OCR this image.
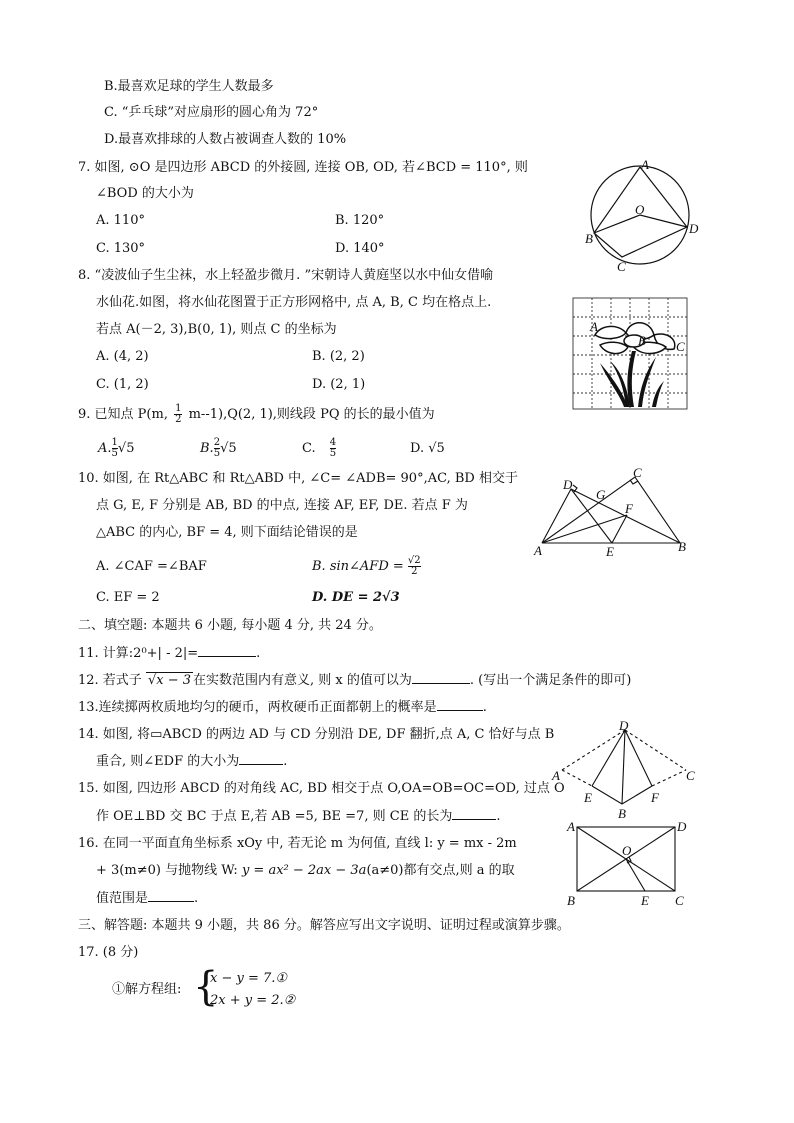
B.最喜欢足球的学生人数最多
C. “乒乓球”对应扇形的圆心角为 72°
D.最喜欢排球的人数占被调查人数的 10%
7. 如图, ⊙O 是四边形 ABCD 的外接圆, 连接 OB, OD, 若∠BCD = 110°, 则
∠BOD 的大小为
A. 110°	B. 120°
C. 130°	D. 140°
A
B
C
D
O
8. “凌波仙子生尘袜，水上轻盈步微月. ”宋朝诗人黄庭坚以水中仙女借喻
水仙花.如图，将水仙花图置于正方形网格中, 点 A, B, C 均在格点上.
若点 A(－2, 3),B(0, 1), 则点 C 的坐标为
A. (4, 2)	B. (2, 2)
C. (1, 2)	D. (2, 1)
A
B C
9. 已知点 P(m, $\frac{1}{2} m--1),Q(2$, 1),则线段 PQ 的长的最小值为
A. $\frac{1}{5} √5$	B. $\frac{2}{5} √5$	C. $\frac{4}{5}$	D. √5
10. 如图, 在 Rt△ABC 和 Rt△ABD 中, ∠C= ∠ADB= 90°,AC, BD 相交于
点 G, E, F 分别是 AB, BD 的中点, 连接 AF, EF, DE. 若点 F 为
△ABC 的内心, BF = 4, 则下面结论错误的是
A. ∠CAF =∠BAF	B. sin∠AFD = $\frac{√2}{2}$
C. EF = 2	D. DE = 2√3
A	B
C
D
E
F
G
二、填空题: 本题共 6 小题, 每小题 4 分, 共 24 分。
11. 计算:2⁰+| - 2|=	.
12. 若式子 √x − 3 在实数范围内有意义, 则 x 的值可以为	. (写出一个满足条件的即可)
13.连续掷两枚质地均匀的硬币，两枚硬币正面都朝上的概率是	.
14. 如图, 将▭ABCD 的两边 AD 与 CD 分别沿 DE, DF 翻折,点 A, C 恰好与点 B
重合, 则∠EDF 的大小为	.
D
A	C
E	F
B
15. 如图, 四边形 ABCD 的对角线 AC, BD 相交于点 O,OA=OB=OC=OD, 过点 O
作 OE⊥BD 交 BC 于点 E,若 AB =5, BE =7, 则 CE 的长为	.
A	D
B	C
E
O
16. 在同一平面直角坐标系 xOy 中, 若无论 m 为何值, 直线 l: y = mx - 2m
+ 3(m≠0) 与抛物线 W: y = ax² − 2ax − 3a(a≠0)都有交点,则 a 的取
值范围是	.
三、解答题: 本题共 9 小题，共 86 分。解答应写出文字说明、证明过程或演算步骤。
17. (8 分)
①解方程组: {
x − y = 7.①
2x + y = 2.②
